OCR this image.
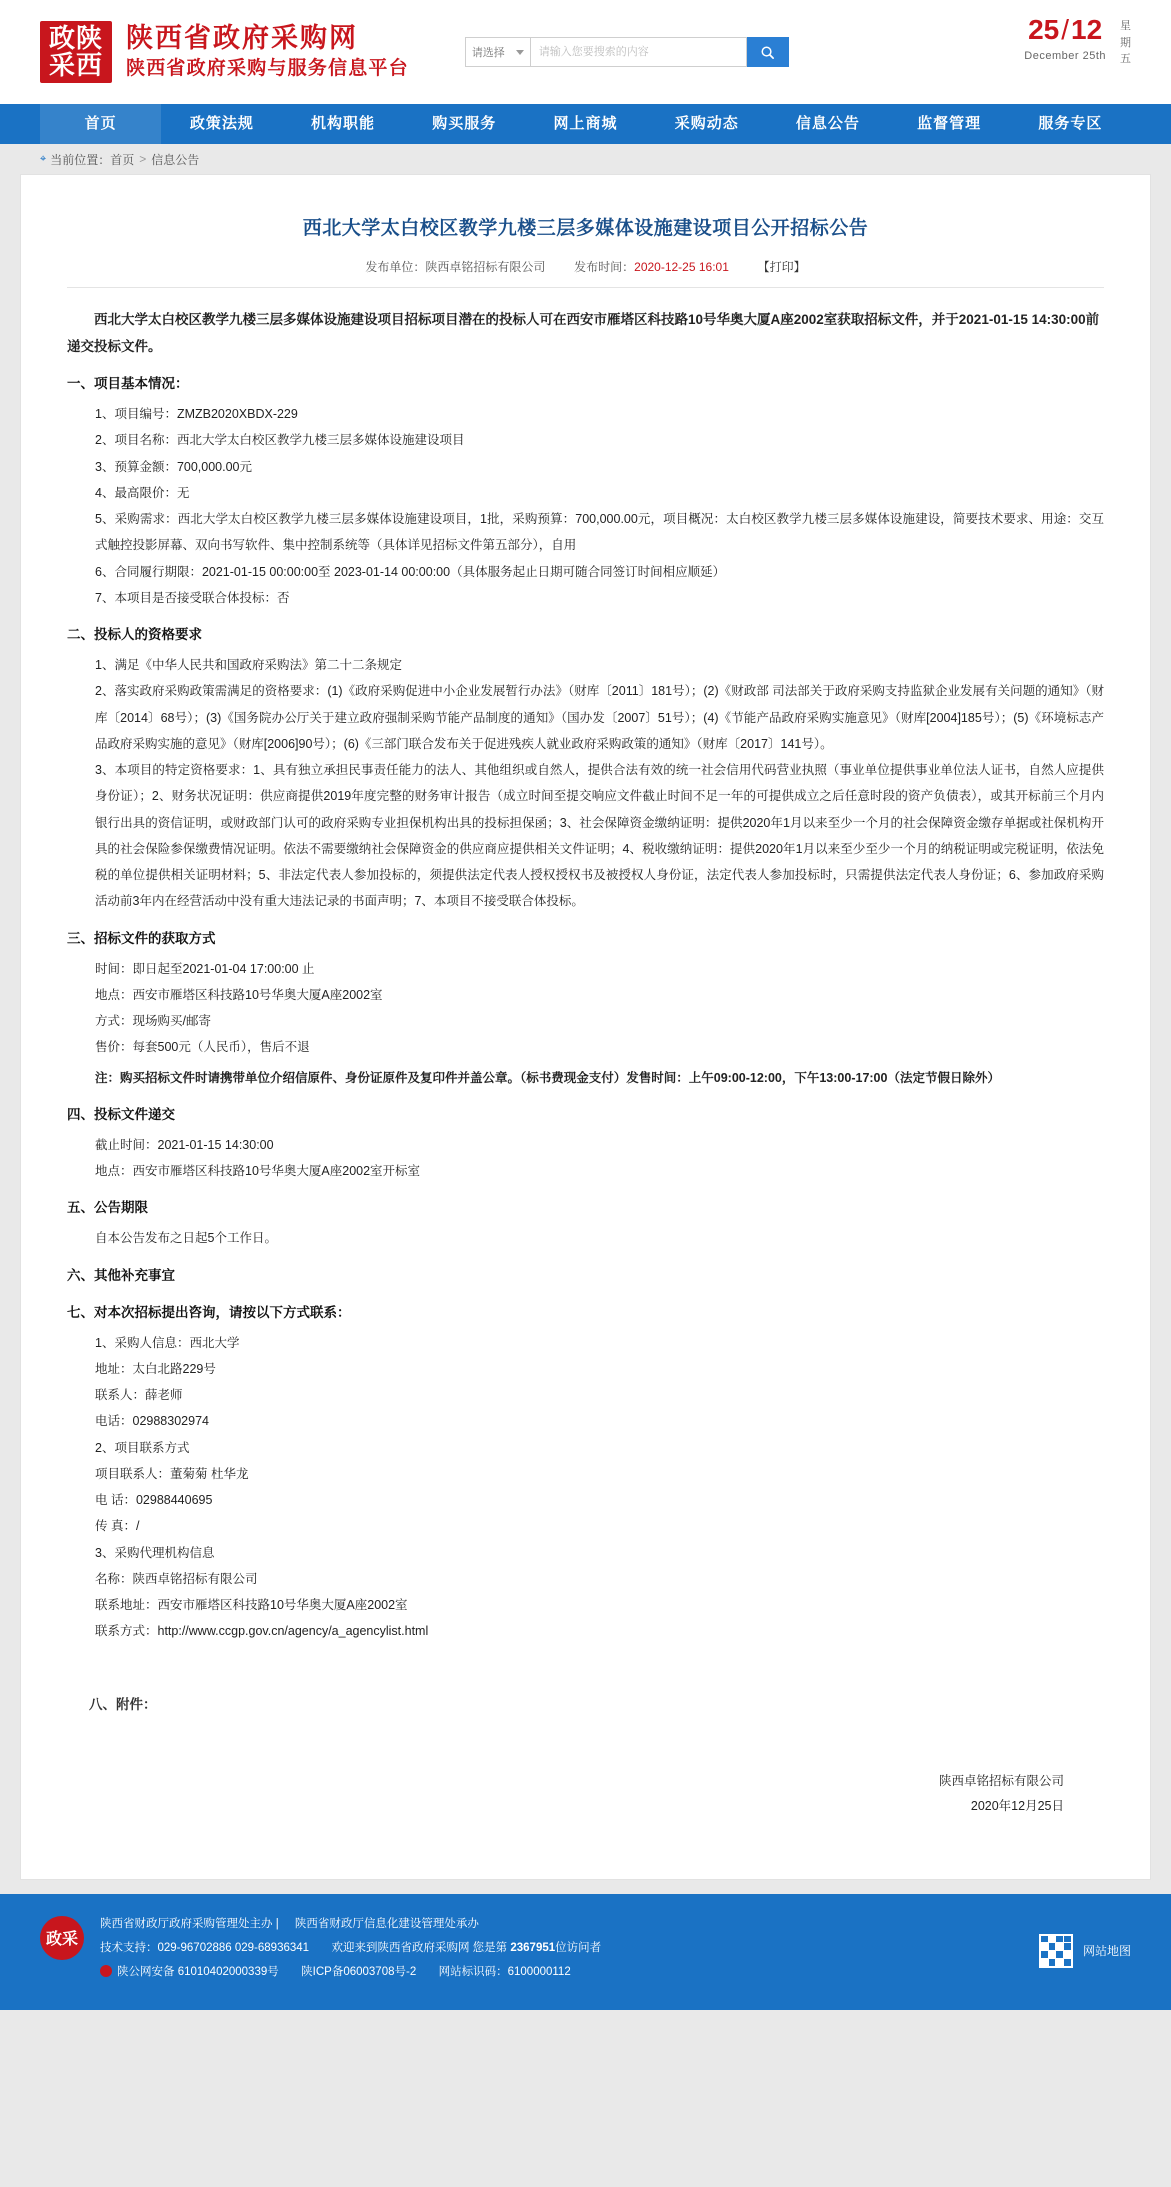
政陕
采西
陕西省政府采购网
陕西省政府采购与服务信息平台
请选择
请输入您要搜索的内容
25/12
December 25th
星
期
五
首页	政策法规	机构职能	购买服务	网上商城	采购动态	信息公告	监督管理	服务专区
⌖ 当前位置： 首页 > 信息公告
西北大学太白校区教学九楼三层多媒体设施建设项目公开招标公告
发布单位：陕西卓铭招标有限公司 发布时间：2020-12-25 16:01 【打印】
西北大学太白校区教学九楼三层多媒体设施建设项目招标项目潜在的投标人可在西安市雁塔区科技路10号华奥大厦A座2002室获取招标文件，并于2021-01-15 14:30:00前递交投标文件。
一、项目基本情况：
1、项目编号：ZMZB2020XBDX-229
2、项目名称：西北大学太白校区教学九楼三层多媒体设施建设项目
3、预算金额：700,000.00元
4、最高限价：无
5、采购需求：西北大学太白校区教学九楼三层多媒体设施建设项目，1批，采购预算：700,000.00元，项目概况：太白校区教学九楼三层多媒体设施建设，简要技术要求、用途：交互式触控投影屏幕、双向书写软件、集中控制系统等（具体详见招标文件第五部分），自用
6、合同履行期限：2021-01-15 00:00:00至 2023-01-14 00:00:00（具体服务起止日期可随合同签订时间相应顺延）
7、本项目是否接受联合体投标：否
二、投标人的资格要求
1、满足《中华人民共和国政府采购法》第二十二条规定
2、落实政府采购政策需满足的资格要求：(1)《政府采购促进中小企业发展暂行办法》（财库〔2011〕181号）；(2)《财政部 司法部关于政府采购支持监狱企业发展有关问题的通知》（财库〔2014〕68号）；(3)《国务院办公厅关于建立政府强制采购节能产品制度的通知》（国办发〔2007〕51号）；(4)《节能产品政府采购实施意见》（财库[2004]185号）；(5)《环境标志产品政府采购实施的意见》（财库[2006]90号）；(6)《三部门联合发布关于促进残疾人就业政府采购政策的通知》（财库〔2017〕141号）。
3、本项目的特定资格要求：1、具有独立承担民事责任能力的法人、其他组织或自然人，提供合法有效的统一社会信用代码营业执照（事业单位提供事业单位法人证书，自然人应提供身份证）；2、财务状况证明：供应商提供2019年度完整的财务审计报告（成立时间至提交响应文件截止时间不足一年的可提供成立之后任意时段的资产负债表），或其开标前三个月内银行出具的资信证明，或财政部门认可的政府采购专业担保机构出具的投标担保函；3、社会保障资金缴纳证明：提供2020年1月以来至少一个月的社会保障资金缴存单据或社保机构开具的社会保险参保缴费情况证明。依法不需要缴纳社会保障资金的供应商应提供相关文件证明；4、税收缴纳证明：提供2020年1月以来至少至少一个月的纳税证明或完税证明，依法免税的单位提供相关证明材料；5、非法定代表人参加投标的，须提供法定代表人授权授权书及被授权人身份证，法定代表人参加投标时，只需提供法定代表人身份证；6、参加政府采购活动前3年内在经营活动中没有重大违法记录的书面声明；7、本项目不接受联合体投标。
三、招标文件的获取方式
时间：即日起至2021-01-04 17:00:00 止
地点：西安市雁塔区科技路10号华奥大厦A座2002室
方式：现场购买/邮寄
售价：每套500元（人民币），售后不退
注：购买招标文件时请携带单位介绍信原件、身份证原件及复印件并盖公章。（标书费现金支付）发售时间：上午09:00-12:00，下午13:00-17:00（法定节假日除外）
四、投标文件递交
截止时间：2021-01-15 14:30:00
地点：西安市雁塔区科技路10号华奥大厦A座2002室开标室
五、公告期限
自本公告发布之日起5个工作日。
六、其他补充事宜
七、对本次招标提出咨询，请按以下方式联系：
1、采购人信息：西北大学
地址：太白北路229号
联系人：薛老师
电话：02988302974
2、项目联系方式
项目联系人：董菊菊 杜华龙
电 话：02988440695
传 真：/
3、采购代理机构信息
名称：陕西卓铭招标有限公司
联系地址：西安市雁塔区科技路10号华奥大厦A座2002室
联系方式：http://www.ccgp.gov.cn/agency/a_agencylist.html
八、附件：
陕西卓铭招标有限公司
2020年12月25日
政采
陕西省财政厅政府采购管理处主办 | 陕西省财政厅信息化建设管理处承办
技术支持：029-96702886 029-68936341 欢迎来到陕西省政府采购网 您是第 2367951位访问者
陕公网安备 61010402000339号 陕ICP备06003708号-2 网站标识码：6100000112
网站地图
